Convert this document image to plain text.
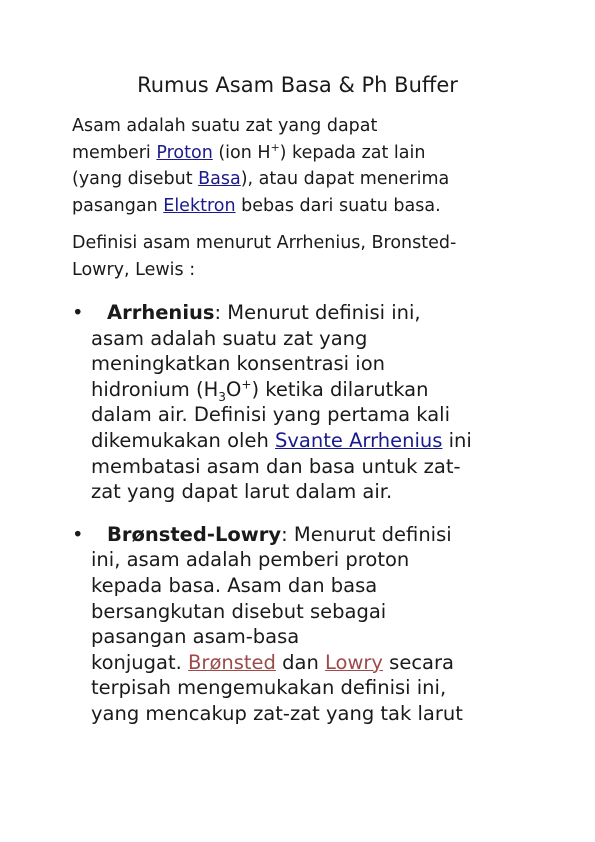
Rumus Asam Basa & Ph Buffer

Asam adalah suatu zat yang dapat
memberi Proton (ion H+) kepada zat lain
(yang disebut Basa), atau dapat menerima
pasangan Elektron bebas dari suatu basa.

Definisi asam menurut Arrhenius, Bronsted-
Lowry, Lewis :

• Arrhenius: Menurut definisi ini,
asam adalah suatu zat yang
meningkatkan konsentrasi ion
hidronium $(H_3O^+)$ ketika dilarutkan
dalam air. Definisi yang pertama kali
dikemukakan oleh Svante Arrhenius ini
membatasi asam dan basa untuk zat-
zat yang dapat larut dalam air.
• Brønsted-Lowry: Menurut definisi
ini, asam adalah pemberi proton
kepada basa. Asam dan basa
bersangkutan disebut sebagai
pasangan asam-basa
konjugat. Brønsted dan Lowry secara
terpisah mengemukakan definisi ini,
yang mencakup zat-zat yang tak larut
